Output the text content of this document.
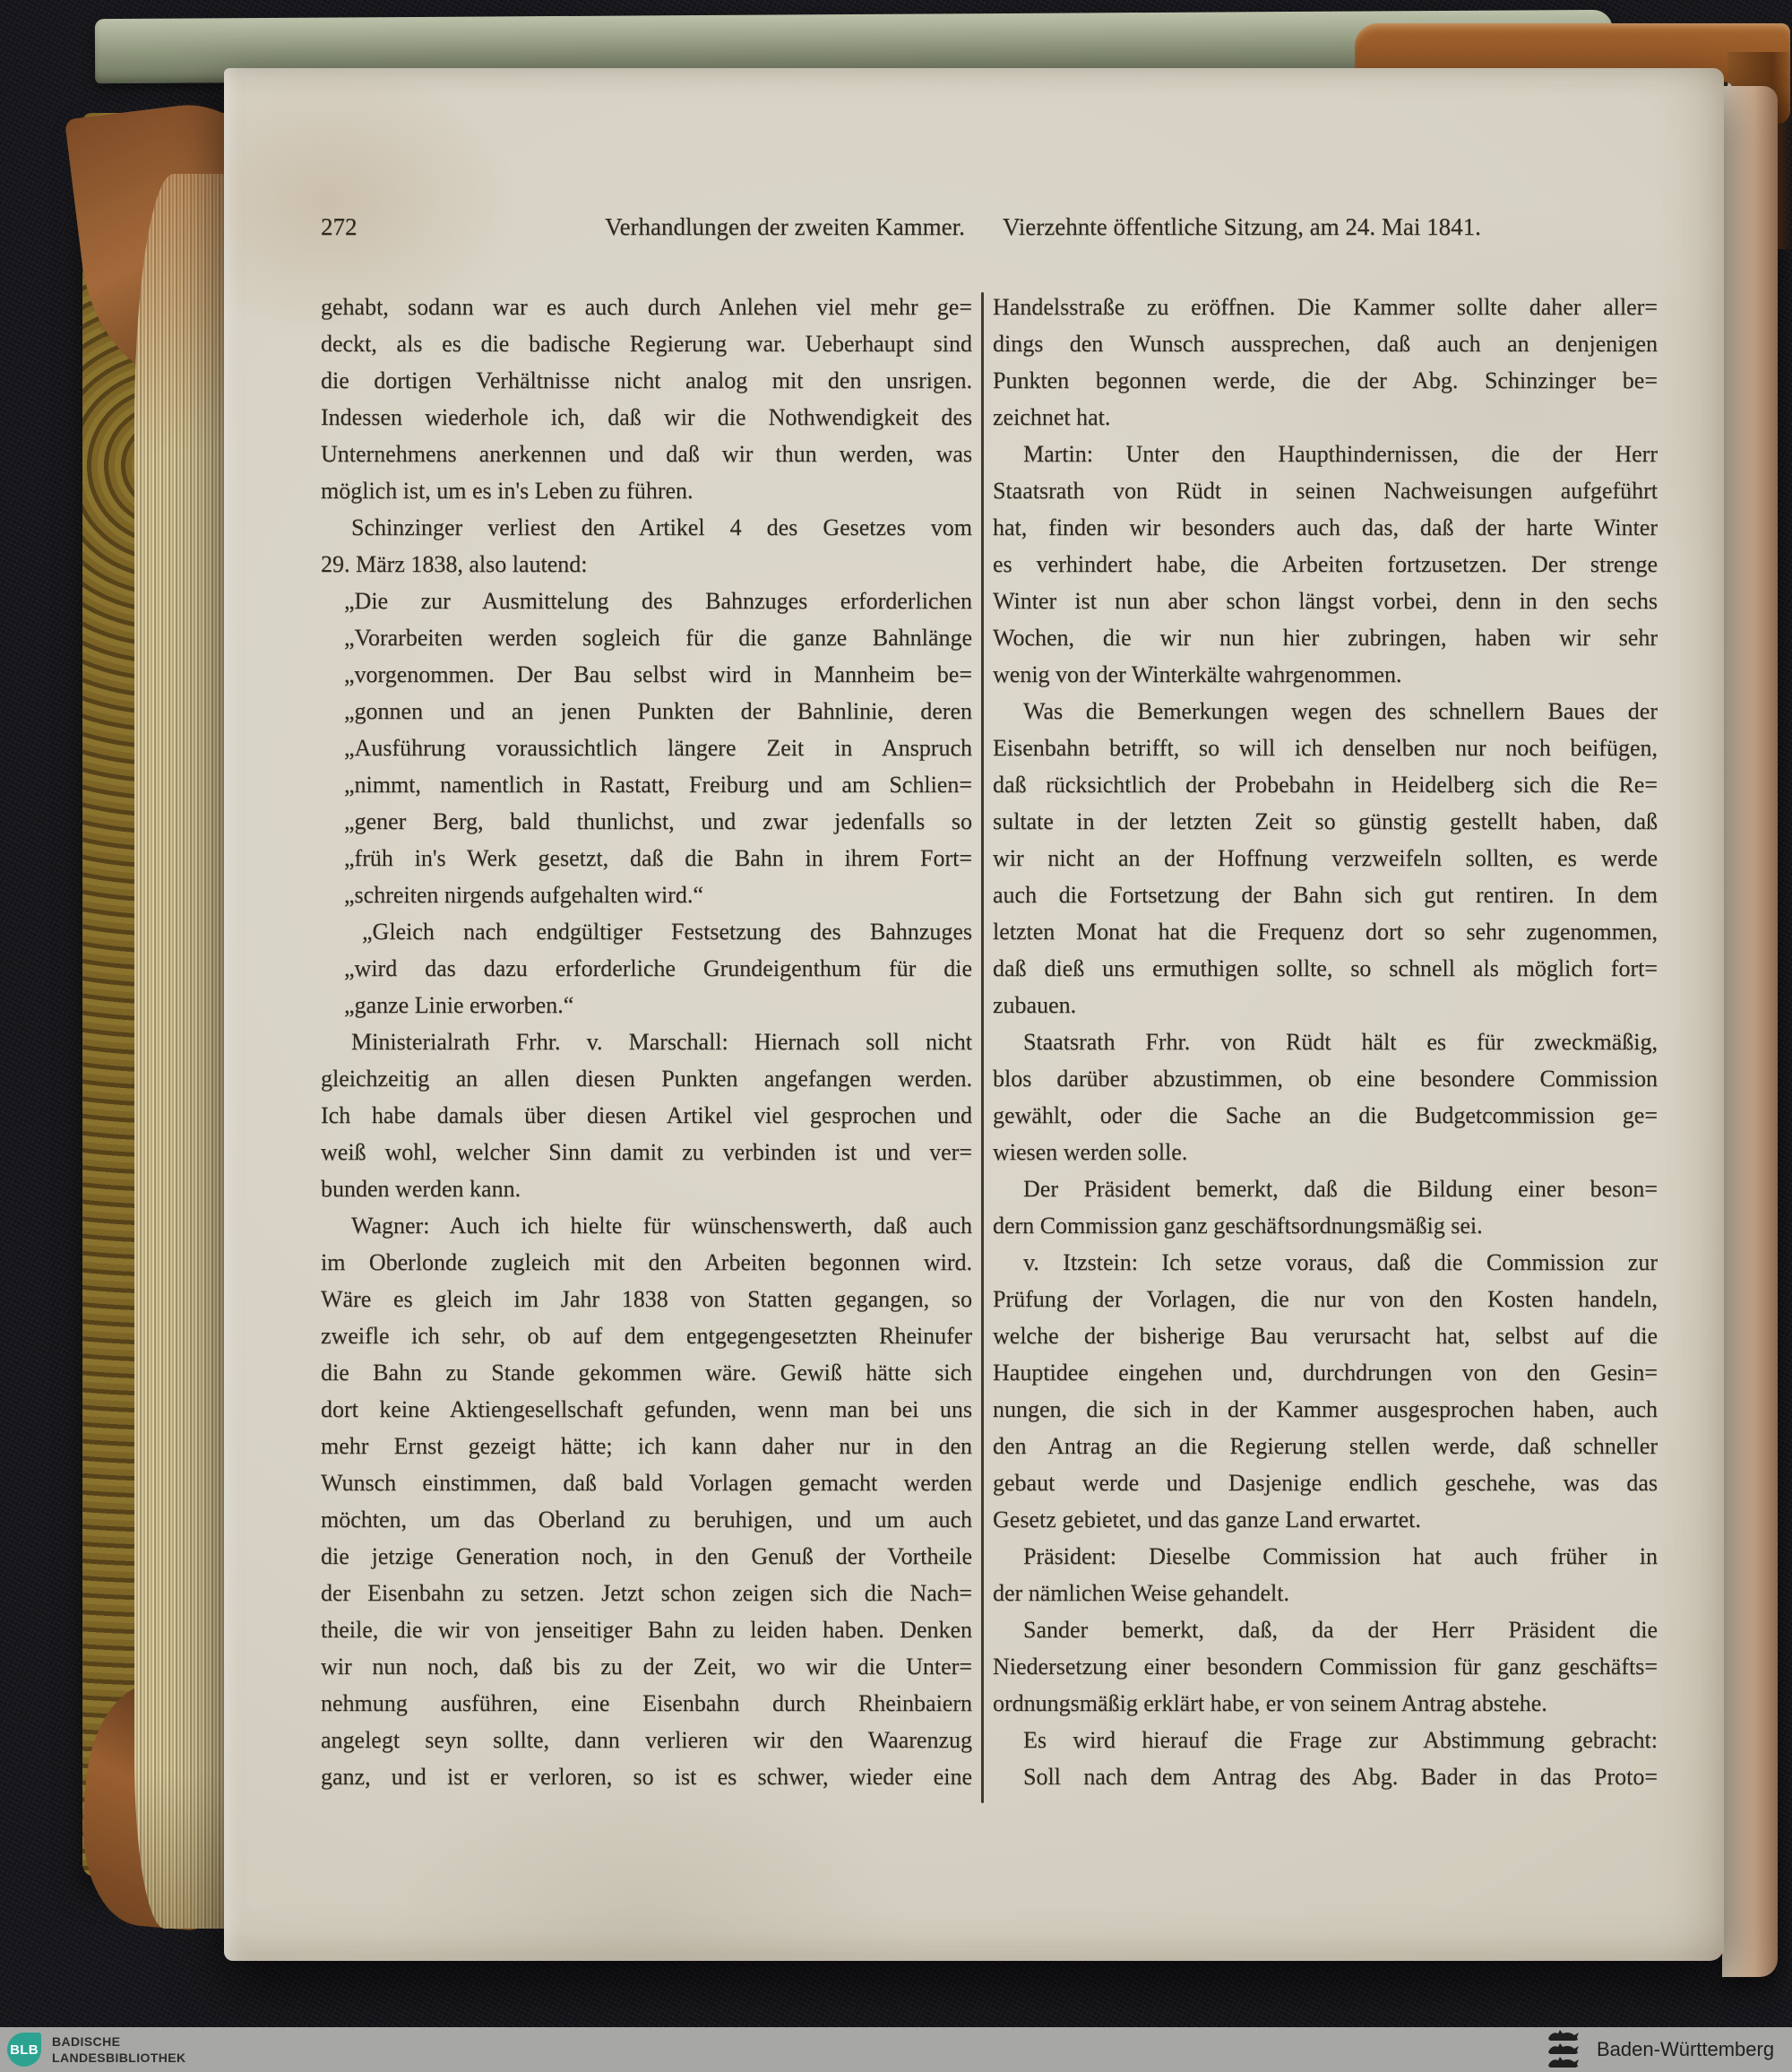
272	Verhandlungen der zweiten Kammer. Vierzehnte öffentliche Sitzung, am 24. Mai 1841.
gehabt, sodann war es auch durch Anlehen viel mehr ge=
deckt, als es die badische Regierung war. Ueberhaupt sind
die dortigen Verhältnisse nicht analog mit den unsrigen.
Indessen wiederhole ich, daß wir die Nothwendigkeit des
Unternehmens anerkennen und daß wir thun werden, was
möglich ist, um es in's Leben zu führen.
Schinzinger verliest den Artikel 4 des Gesetzes vom
29. März 1838, also lautend:
„Die zur Ausmittelung des Bahnzuges erforderlichen
„Vorarbeiten werden sogleich für die ganze Bahnlänge
„vorgenommen. Der Bau selbst wird in Mannheim be=
„gonnen und an jenen Punkten der Bahnlinie, deren
„Ausführung voraussichtlich längere Zeit in Anspruch
„nimmt, namentlich in Rastatt, Freiburg und am Schlien=
„gener Berg, bald thunlichst, und zwar jedenfalls so
„früh in's Werk gesetzt, daß die Bahn in ihrem Fort=
„schreiten nirgends aufgehalten wird.“
„Gleich nach endgültiger Festsetzung des Bahnzuges
„wird das dazu erforderliche Grundeigenthum für die
„ganze Linie erworben.“
Ministerialrath Frhr. v. Marschall: Hiernach soll nicht
gleichzeitig an allen diesen Punkten angefangen werden.
Ich habe damals über diesen Artikel viel gesprochen und
weiß wohl, welcher Sinn damit zu verbinden ist und ver=
bunden werden kann.
Wagner: Auch ich hielte für wünschenswerth, daß auch
im Oberlonde zugleich mit den Arbeiten begonnen wird.
Wäre es gleich im Jahr 1838 von Statten gegangen, so
zweifle ich sehr, ob auf dem entgegengesetzten Rheinufer
die Bahn zu Stande gekommen wäre. Gewiß hätte sich
dort keine Aktiengesellschaft gefunden, wenn man bei uns
mehr Ernst gezeigt hätte; ich kann daher nur in den
Wunsch einstimmen, daß bald Vorlagen gemacht werden
möchten, um das Oberland zu beruhigen, und um auch
die jetzige Generation noch, in den Genuß der Vortheile
der Eisenbahn zu setzen. Jetzt schon zeigen sich die Nach=
theile, die wir von jenseitiger Bahn zu leiden haben. Denken
wir nun noch, daß bis zu der Zeit, wo wir die Unter=
nehmung ausführen, eine Eisenbahn durch Rheinbaiern
angelegt seyn sollte, dann verlieren wir den Waarenzug
ganz, und ist er verloren, so ist es schwer, wieder eine
Handelsstraße zu eröffnen. Die Kammer sollte daher aller=
dings den Wunsch aussprechen, daß auch an denjenigen
Punkten begonnen werde, die der Abg. Schinzinger be=
zeichnet hat.
Martin: Unter den Haupthindernissen, die der Herr
Staatsrath von Rüdt in seinen Nachweisungen aufgeführt
hat, finden wir besonders auch das, daß der harte Winter
es verhindert habe, die Arbeiten fortzusetzen. Der strenge
Winter ist nun aber schon längst vorbei, denn in den sechs
Wochen, die wir nun hier zubringen, haben wir sehr
wenig von der Winterkälte wahrgenommen.
Was die Bemerkungen wegen des schnellern Baues der
Eisenbahn betrifft, so will ich denselben nur noch beifügen,
daß rücksichtlich der Probebahn in Heidelberg sich die Re=
sultate in der letzten Zeit so günstig gestellt haben, daß
wir nicht an der Hoffnung verzweifeln sollten, es werde
auch die Fortsetzung der Bahn sich gut rentiren. In dem
letzten Monat hat die Frequenz dort so sehr zugenommen,
daß dieß uns ermuthigen sollte, so schnell als möglich fort=
zubauen.
Staatsrath Frhr. von Rüdt hält es für zweckmäßig,
blos darüber abzustimmen, ob eine besondere Commission
gewählt, oder die Sache an die Budgetcommission ge=
wiesen werden solle.
Der Präsident bemerkt, daß die Bildung einer beson=
dern Commission ganz geschäftsordnungsmäßig sei.
v. Itzstein: Ich setze voraus, daß die Commission zur
Prüfung der Vorlagen, die nur von den Kosten handeln,
welche der bisherige Bau verursacht hat, selbst auf die
Hauptidee eingehen und, durchdrungen von den Gesin=
nungen, die sich in der Kammer ausgesprochen haben, auch
den Antrag an die Regierung stellen werde, daß schneller
gebaut werde und Dasjenige endlich geschehe, was das
Gesetz gebietet, und das ganze Land erwartet.
Präsident: Dieselbe Commission hat auch früher in
der nämlichen Weise gehandelt.
Sander bemerkt, daß, da der Herr Präsident die
Niedersetzung einer besondern Commission für ganz geschäfts=
ordnungsmäßig erklärt habe, er von seinem Antrag abstehe.
Es wird hierauf die Frage zur Abstimmung gebracht:
Soll nach dem Antrag des Abg. Bader in das Proto=
BLB
BADISCHE
LANDESBIBLIOTHEK	Baden-Württemberg
